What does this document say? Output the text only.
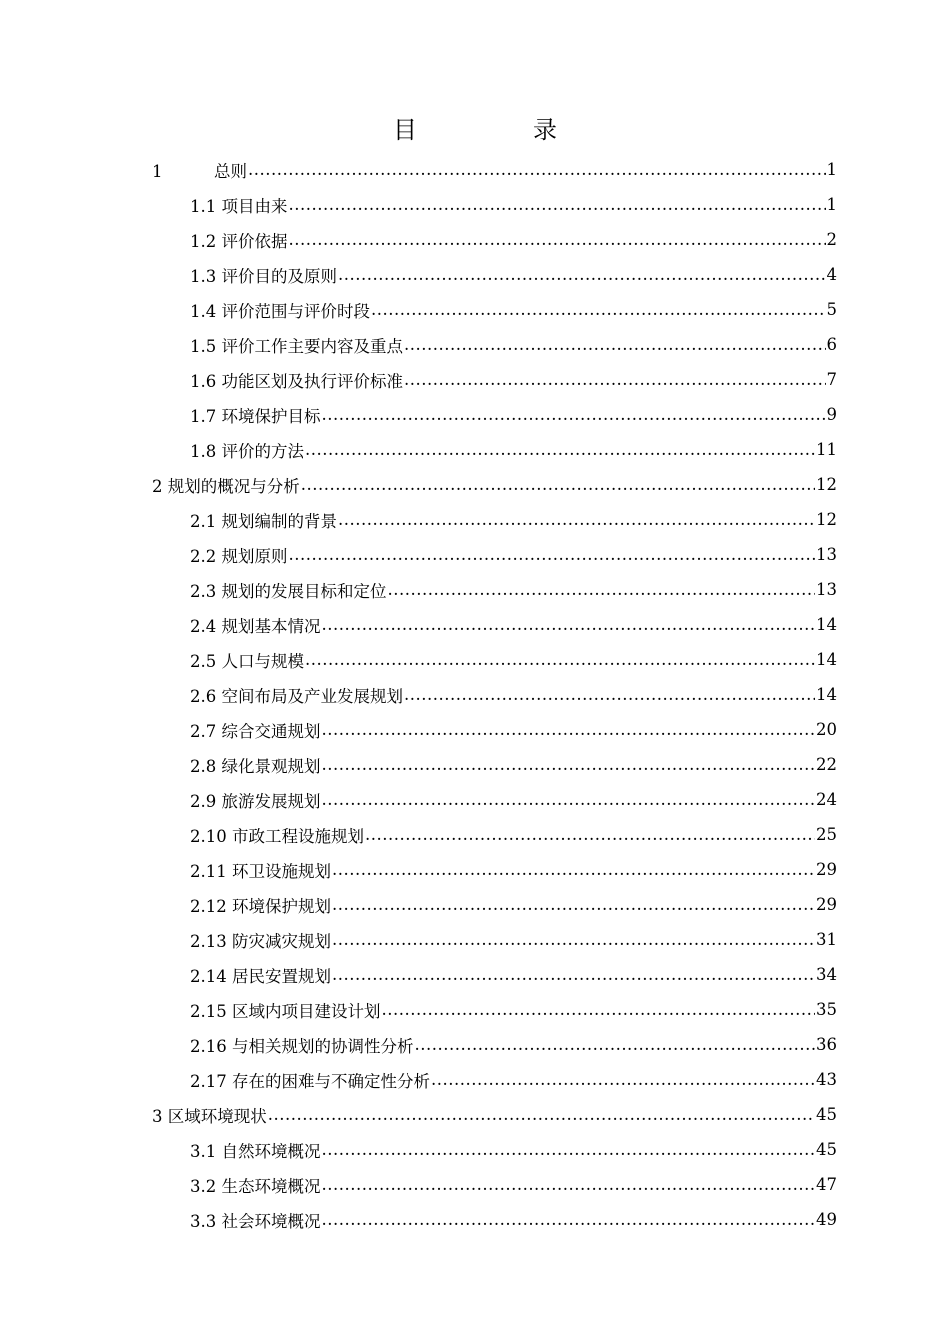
目　录
1	总则 .....	1
1.1 项目由来 .....	1
1.2 评价依据 .....	2
1.3 评价目的及原则 .....	4
1.4 评价范围与评价时段 .....	5
1.5 评价工作主要内容及重点 .....	6
1.6 功能区划及执行评价标准 .....	7
1.7 环境保护目标 .....	9
1.8 评价的方法 .....	11
2 规划的概况与分析 .....	12
2.1 规划编制的背景 .....	12
2.2 规划原则 .....	13
2.3 规划的发展目标和定位 .....	13
2.4 规划基本情况 .....	14
2.5 人口与规模 .....	14
2.6 空间布局及产业发展规划 .....	14
2.7 综合交通规划 .....	20
2.8 绿化景观规划 .....	22
2.9 旅游发展规划 .....	24
2.10 市政工程设施规划 .....	25
2.11 环卫设施规划 .....	29
2.12 环境保护规划 .....	29
2.13 防灾减灾规划 .....	31
2.14 居民安置规划 .....	34
2.15 区域内项目建设计划 .....	35
2.16 与相关规划的协调性分析 .....	36
2.17 存在的困难与不确定性分析 .....	43
3 区域环境现状 .....	45
3.1 自然环境概况 .....	45
3.2 生态环境概况 .....	47
3.3 社会环境概况 .....	49
